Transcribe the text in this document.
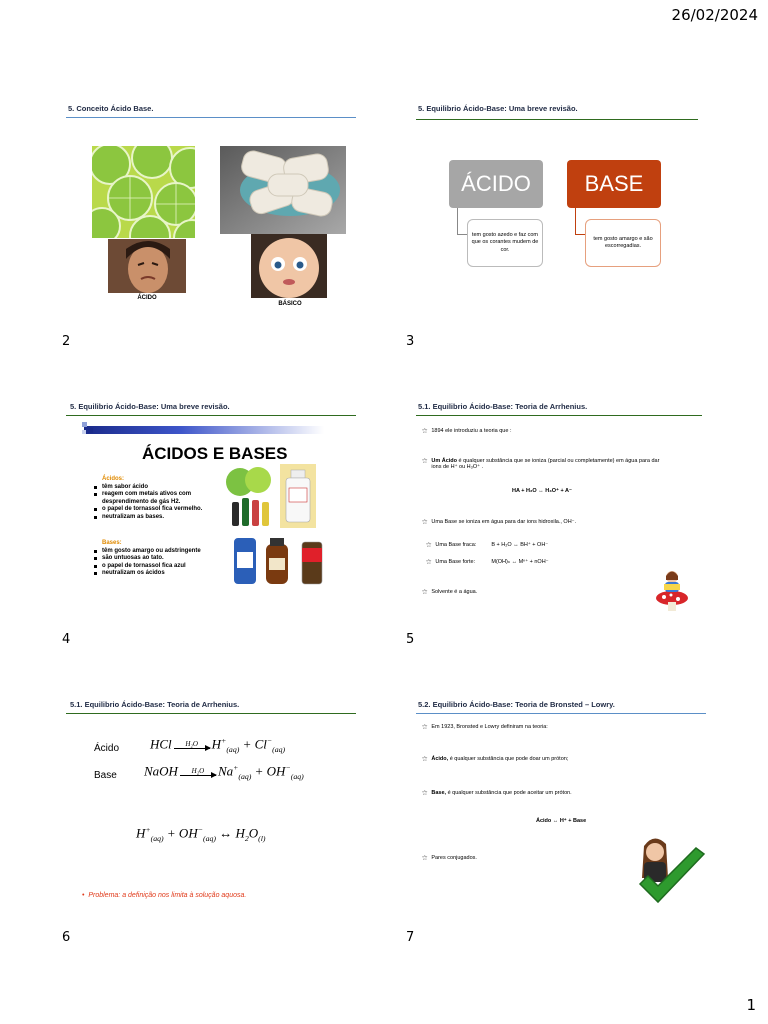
26/02/2024
5. Conceito Ácido Base.
ÁCIDO
BÁSICO
2
5. Equilibrio Ácido-Base: Uma breve revisão.
ÁCIDO	BASE
tem gosto azedo e faz com que os corantes mudem de cor.
tem gosto amargo e são escorregadias.
3
5. Equilibrio Ácido-Base: Uma breve revisão.
ÁCIDOS E BASES
Ácidos:
têm sabor ácido
reagem com metais ativos com desprendimento de gás H2.
o papel de tornassol fica vermelho.
neutralizam as bases.
Bases:
têm gosto amargo ou adstringente
são untuosas ao tato.
o papel de tornassol fica azul
neutralizam os ácidos
4
5.1. Equilibrio Ácido-Base: Teoria de Arrhenius.
⚝ 1894 ele introduziu a teoria que :
⚝ Um Ácido é qualquer substância que se ioniza (parcial ou completamente) em água para dar
ions de H⁺ ou H₃O⁺ .
HA + H₂O ↔ H₃O⁺ + A⁻
⚝ Uma Base se ioniza em água para dar ions hidroxila., OH⁻.
⚝ Uma Base fraca:	B + H₂O ↔ BH⁺ + OH⁻
⚝ Uma Base forte:	M(OH)ₙ ↔ Mⁿ⁺ + nOH⁻
⚝ Solvente é a água.
5
5.1. Equilibrio Ácido-Base: Teoria de Arrhenius.
Ácido HCl H₂O $H^+_{(aq)} + Cl^-_{(aq)}$
Base NaOH H₂O $Na^+_{(aq)} + OH^-_{(aq)}$
$H^+_{(aq)} + OH^-_{(aq)}$ ↔ $H_2O_{(l)}$
•  Problema: a definição nos limita à solução aquosa.
6
5.2. Equilibrio Ácido-Base: Teoria de Bronsted – Lowry.
⚝ Em 1923, Bronsted e Lowry definiram na teoria:
⚝ Ácido, é qualquer substância que pode doar um próton;
⚝ Base, é qualquer substância que pode aceitar um próton.
Ácido ↔ H⁺ + Base
⚝ Pares conjugados.
7
1
